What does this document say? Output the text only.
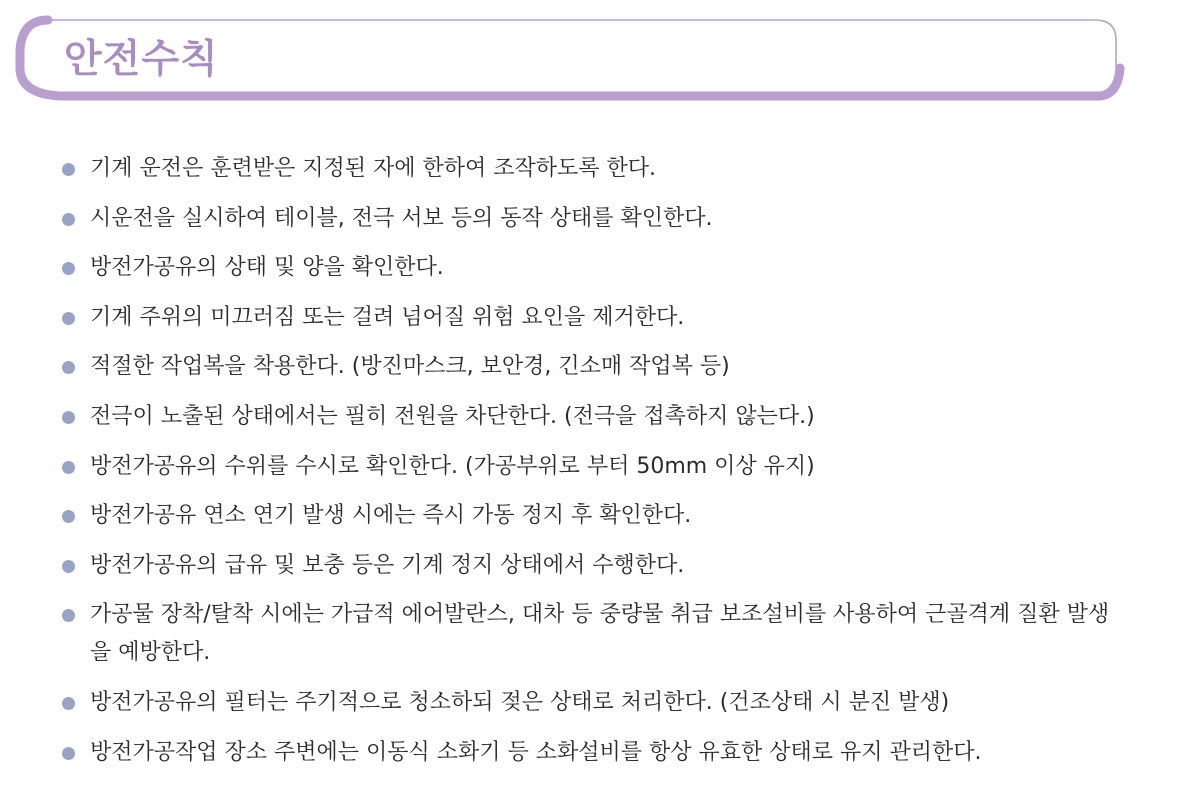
안전수칙
기계 운전은 훈련받은 지정된 자에 한하여 조작하도록 한다.
시운전을 실시하여 테이블, 전극 서보 등의 동작 상태를 확인한다.
방전가공유의 상태 및 양을 확인한다.
기계 주위의 미끄러짐 또는 걸려 넘어질 위험 요인을 제거한다.
적절한 작업복을 착용한다. (방진마스크, 보안경, 긴소매 작업복 등)
전극이 노출된 상태에서는 필히 전원을 차단한다. (전극을 접촉하지 않는다.)
방전가공유의 수위를 수시로 확인한다. (가공부위로 부터 50mm 이상 유지)
방전가공유 연소 연기 발생 시에는 즉시 가동 정지 후 확인한다.
방전가공유의 급유 및 보충 등은 기계 정지 상태에서 수행한다.
가공물 장착/탈착 시에는 가급적 에어발란스, 대차 등 중량물 취급 보조설비를 사용하여 근골격계 질환 발생을 예방한다.
방전가공유의 필터는 주기적으로 청소하되 젖은 상태로 처리한다. (건조상태 시 분진 발생)
방전가공작업 장소 주변에는 이동식 소화기 등 소화설비를 항상 유효한 상태로 유지 관리한다.
